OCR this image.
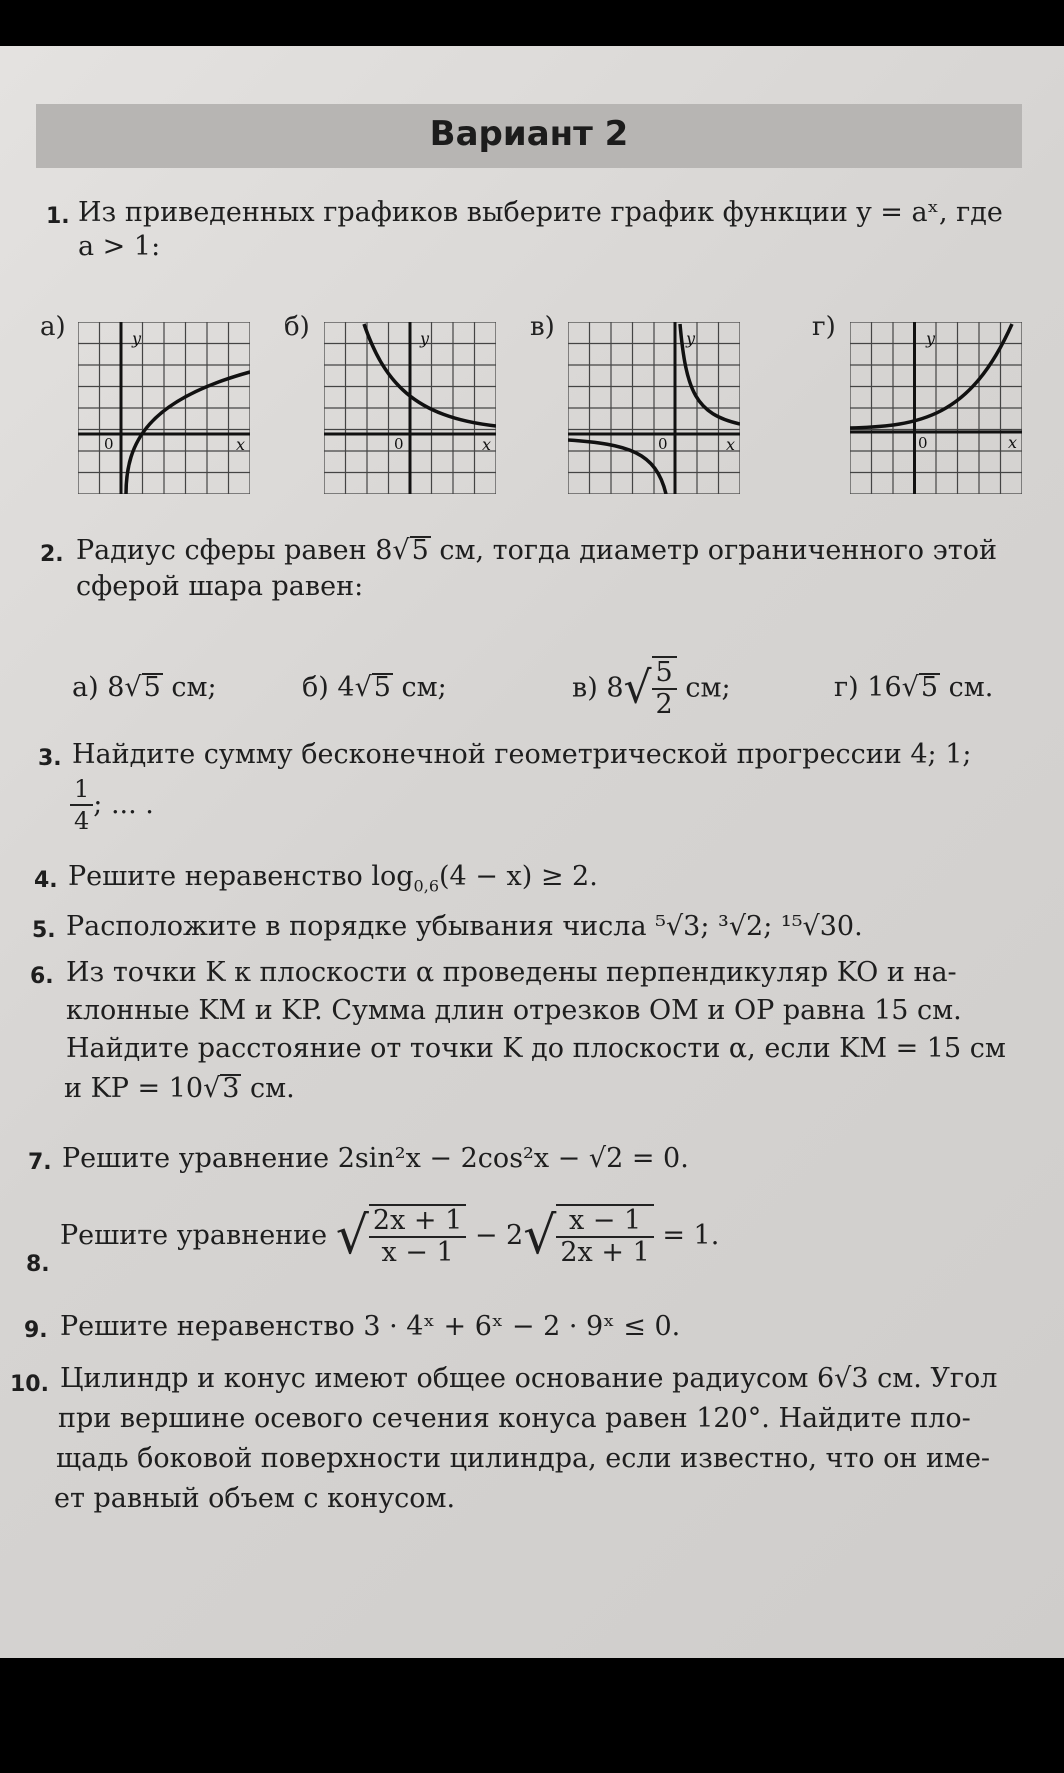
Вариант 2
1. Из приведенных графиков выберите график функции y = aˣ, где
a > 1:
а)	y
x
0
б)	y
x
0
в)	y
x
0
г)	y
x
0
2. Радиус сферы равен 8√5 см, тогда диаметр ограниченного этой
сферой шара равен:
а) 8√5 см;	б) 4√5 см;	в) $8√ \frac{5}{2}$ см;	г) 16√5 см.
3. Найдите сумму бесконечной геометрической прогрессии 4; 1;
$\frac{1}{4}$ ; ... .
4. Решите неравенство $\log_{0,6}(4 - x) \ge 2$.
5. Расположите в порядке убывания числа ⁵√3; ³√2; ¹⁵√30.
6. Из точки K к плоскости α проведены перпендикуляр KO и на-
клонные KM и KP. Сумма длин отрезков OM и OP равна 15 см.
Найдите расстояние от точки K до плоскости α, если KM = 15 см
и KP = 10√3 см.
7. Решите уравнение 2sin²x − 2cos²x − √2 = 0.
8.
Решите уравнение √ $\frac{2x + 1}{x - 1} - 2√ \frac{x - 1}{2x + 1} = 1$.
9. Решите неравенство 3 · 4ˣ + 6ˣ − 2 · 9ˣ ≤ 0.
10. Цилиндр и конус имеют общее основание радиусом 6√3 см. Угол
при вершине осевого сечения конуса равен 120°. Найдите пло-
щадь боковой поверхности цилиндра, если известно, что он име-
ет равный объем с конусом.
